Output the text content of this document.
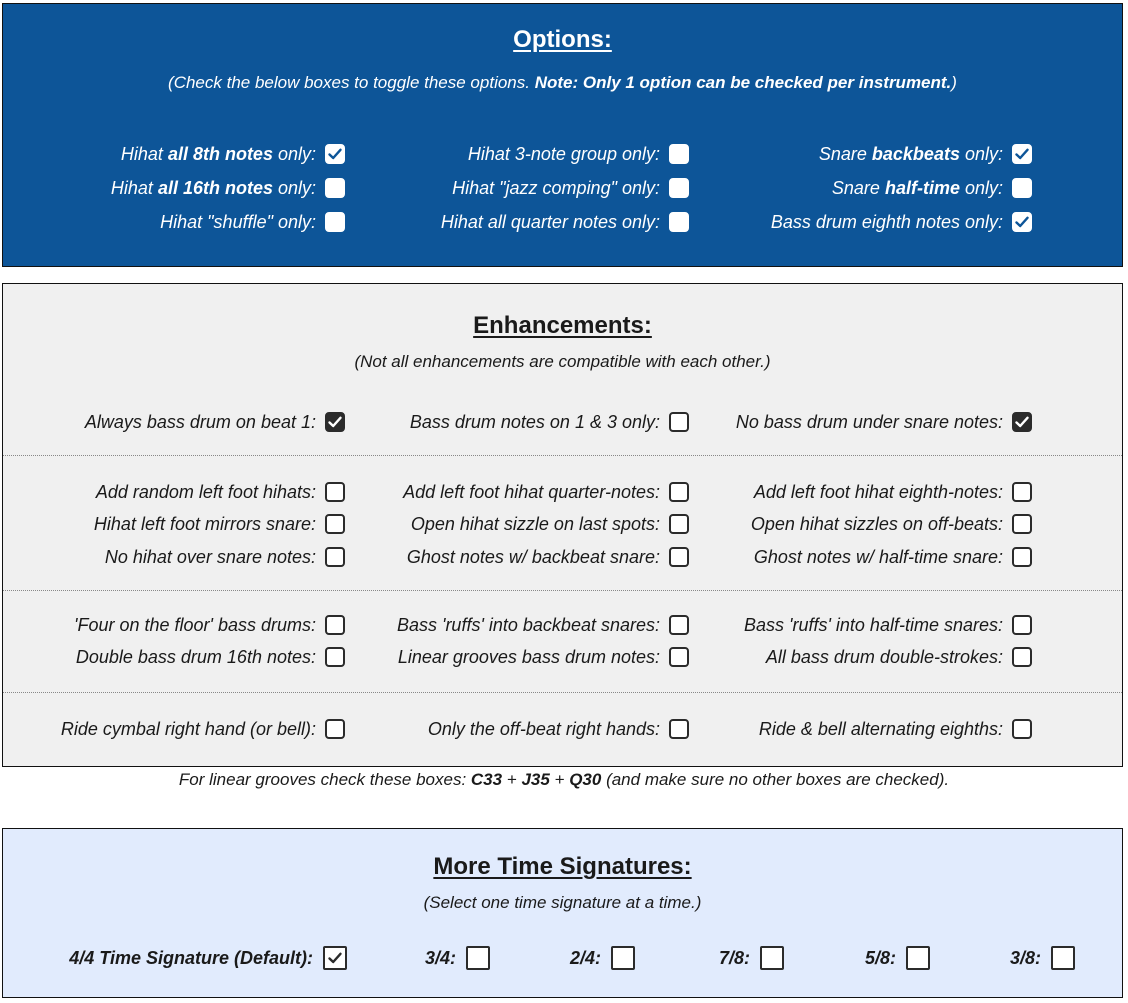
Options:
(Check the below boxes to toggle these options. Note: Only 1 option can be checked per instrument.)
Hihat all 8th notes only:	Hihat 3-note group only:	Snare backbeats only:
Hihat all 16th notes only:	Hihat "jazz comping" only:	Snare half-time only:
Hihat "shuffle" only:	Hihat all quarter notes only:	Bass drum eighth notes only:
Enhancements:
(Not all enhancements are compatible with each other.)
Always bass drum on beat 1:	Bass drum notes on 1 & 3 only:	No bass drum under snare notes:
Add random left foot hihats:	Add left foot hihat quarter-notes:	Add left foot hihat eighth-notes:
Hihat left foot mirrors snare:	Open hihat sizzle on last spots:	Open hihat sizzles on off-beats:
No hihat over snare notes:	Ghost notes w/ backbeat snare:	Ghost notes w/ half-time snare:
'Four on the floor' bass drums:	Bass 'ruffs' into backbeat snares:	Bass 'ruffs' into half-time snares:
Double bass drum 16th notes:	Linear grooves bass drum notes:	All bass drum double-strokes:
Ride cymbal right hand (or bell):	Only the off-beat right hands:	Ride & bell alternating eighths:
For linear grooves check these boxes: C33 + J35 + Q30 (and make sure no other boxes are checked).
More Time Signatures:
(Select one time signature at a time.)
4/4 Time Signature (Default):	3/4:	2/4:	7/8:	5/8:	3/8:
